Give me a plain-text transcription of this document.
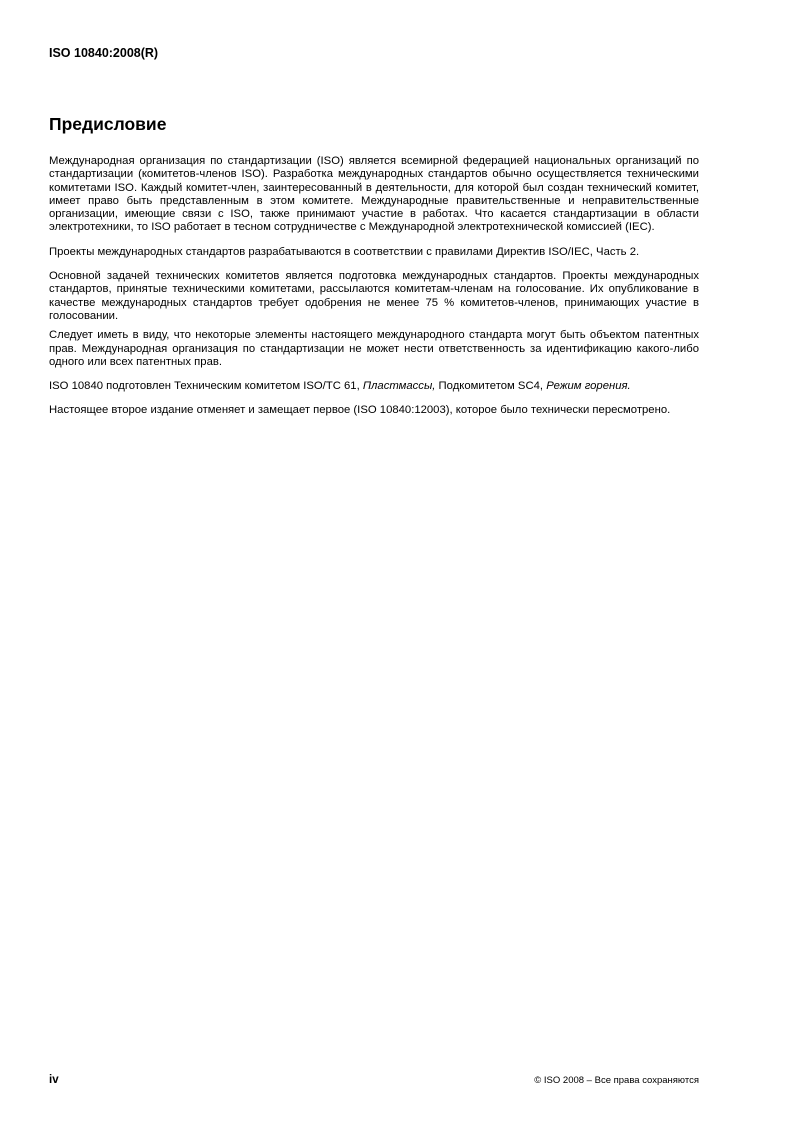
ISO 10840:2008(R)
Предисловие

Международная организация по стандартизации (ISO) является всемирной федерацией национальных организаций по стандартизации (комитетов-членов ISO). Разработка международных стандартов обычно осуществляется техническими комитетами ISO. Каждый комитет-член, заинтересованный в деятельности, для которой был создан технический комитет, имеет право быть представленным в этом комитете. Международные правительственные и неправительственные организации, имеющие связи с ISO, также принимают участие в работах. Что касается стандартизации в области электротехники, то ISO работает в тесном сотрудничестве с Международной электротехнической комиссией (IEC).

Проекты международных стандартов разрабатываются в соответствии с правилами Директив ISO/IEC, Часть 2.

Основной задачей технических комитетов является подготовка международных стандартов. Проекты международных стандартов, принятые техническими комитетами, рассылаются комитетам-членам на голосование. Их опубликование в качестве международных стандартов требует одобрения не менее 75 % комитетов-членов, принимающих участие в голосовании.

Следует иметь в виду, что некоторые элементы настоящего международного стандарта могут быть объектом патентных прав. Международная организация по стандартизации не может нести ответственность за идентификацию какого-либо одного или всех патентных прав.

ISO 10840 подготовлен Техническим комитетом ISO/TC 61, Пластмассы, Подкомитетом SC4, Режим горения.

Настоящее второе издание отменяет и замещает первое (ISO 10840:12003), которое было технически пересмотрено.

iv	© ISO 2008 – Все права сохраняются
